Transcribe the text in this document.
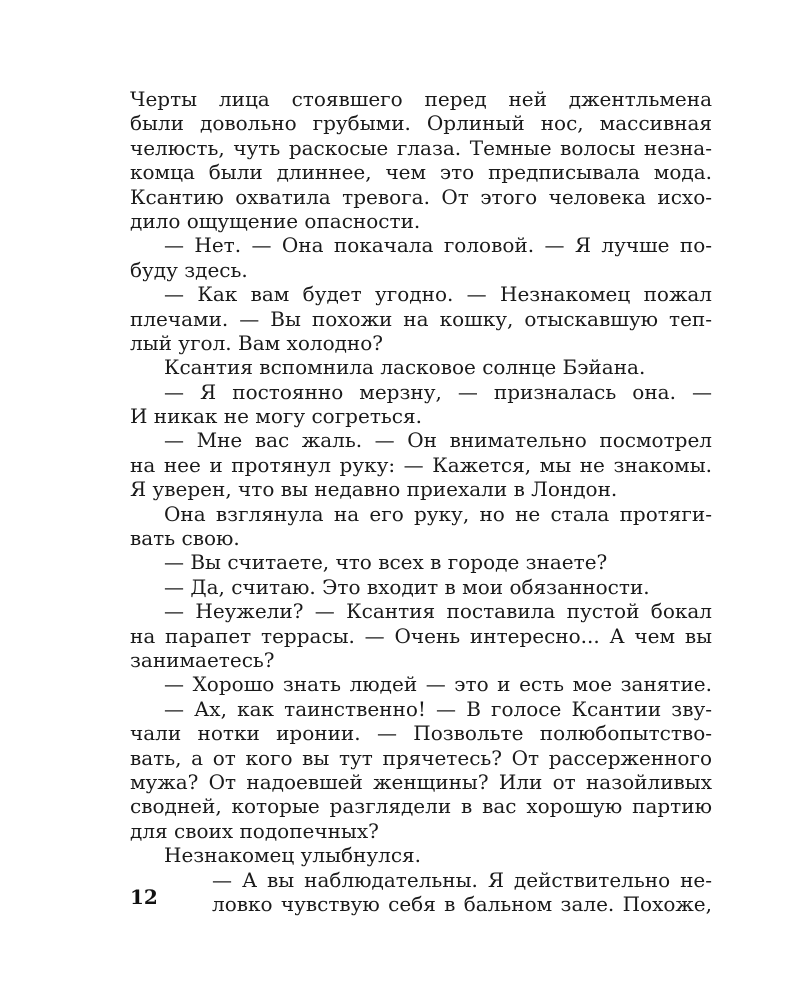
Черты лица стоявшего перед ней джентльмена
были довольно грубыми. Орлиный нос, массивная
челюсть, чуть раскосые глаза. Темные волосы незна-
комца были длиннее, чем это предписывала мода.
Ксантию охватила тревога. От этого человека исхо-
дило ощущение опасности.
— Нет. — Она покачала головой. — Я лучше по-
буду здесь.
— Как вам будет угодно. — Незнакомец пожал
плечами. — Вы похожи на кошку, отыскавшую теп-
лый угол. Вам холодно?
Ксантия вспомнила ласковое солнце Бэйана.
— Я постоянно мерзну, — призналась она. —
И никак не могу согреться.
— Мне вас жаль. — Он внимательно посмотрел
на нее и протянул руку: — Кажется, мы не знакомы.
Я уверен, что вы недавно приехали в Лондон.
Она взглянула на его руку, но не стала протяги-
вать свою.
— Вы считаете, что всех в городе знаете?
— Да, считаю. Это входит в мои обязанности.
— Неужели? — Ксантия поставила пустой бокал
на парапет террасы. — Очень интересно... А чем вы
занимаетесь?
— Хорошо знать людей — это и есть мое занятие.
— Ах, как таинственно! — В голосе Ксантии зву-
чали нотки иронии. — Позвольте полюбопытство-
вать, а от кого вы тут прячетесь? От рассерженного
мужа? От надоевшей женщины? Или от назойливых
сводней, которые разглядели в вас хорошую партию
для своих подопечных?
Незнакомец улыбнулся.
— А вы наблюдательны. Я действительно не-
ловко чувствую себя в бальном зале. Похоже,
12
